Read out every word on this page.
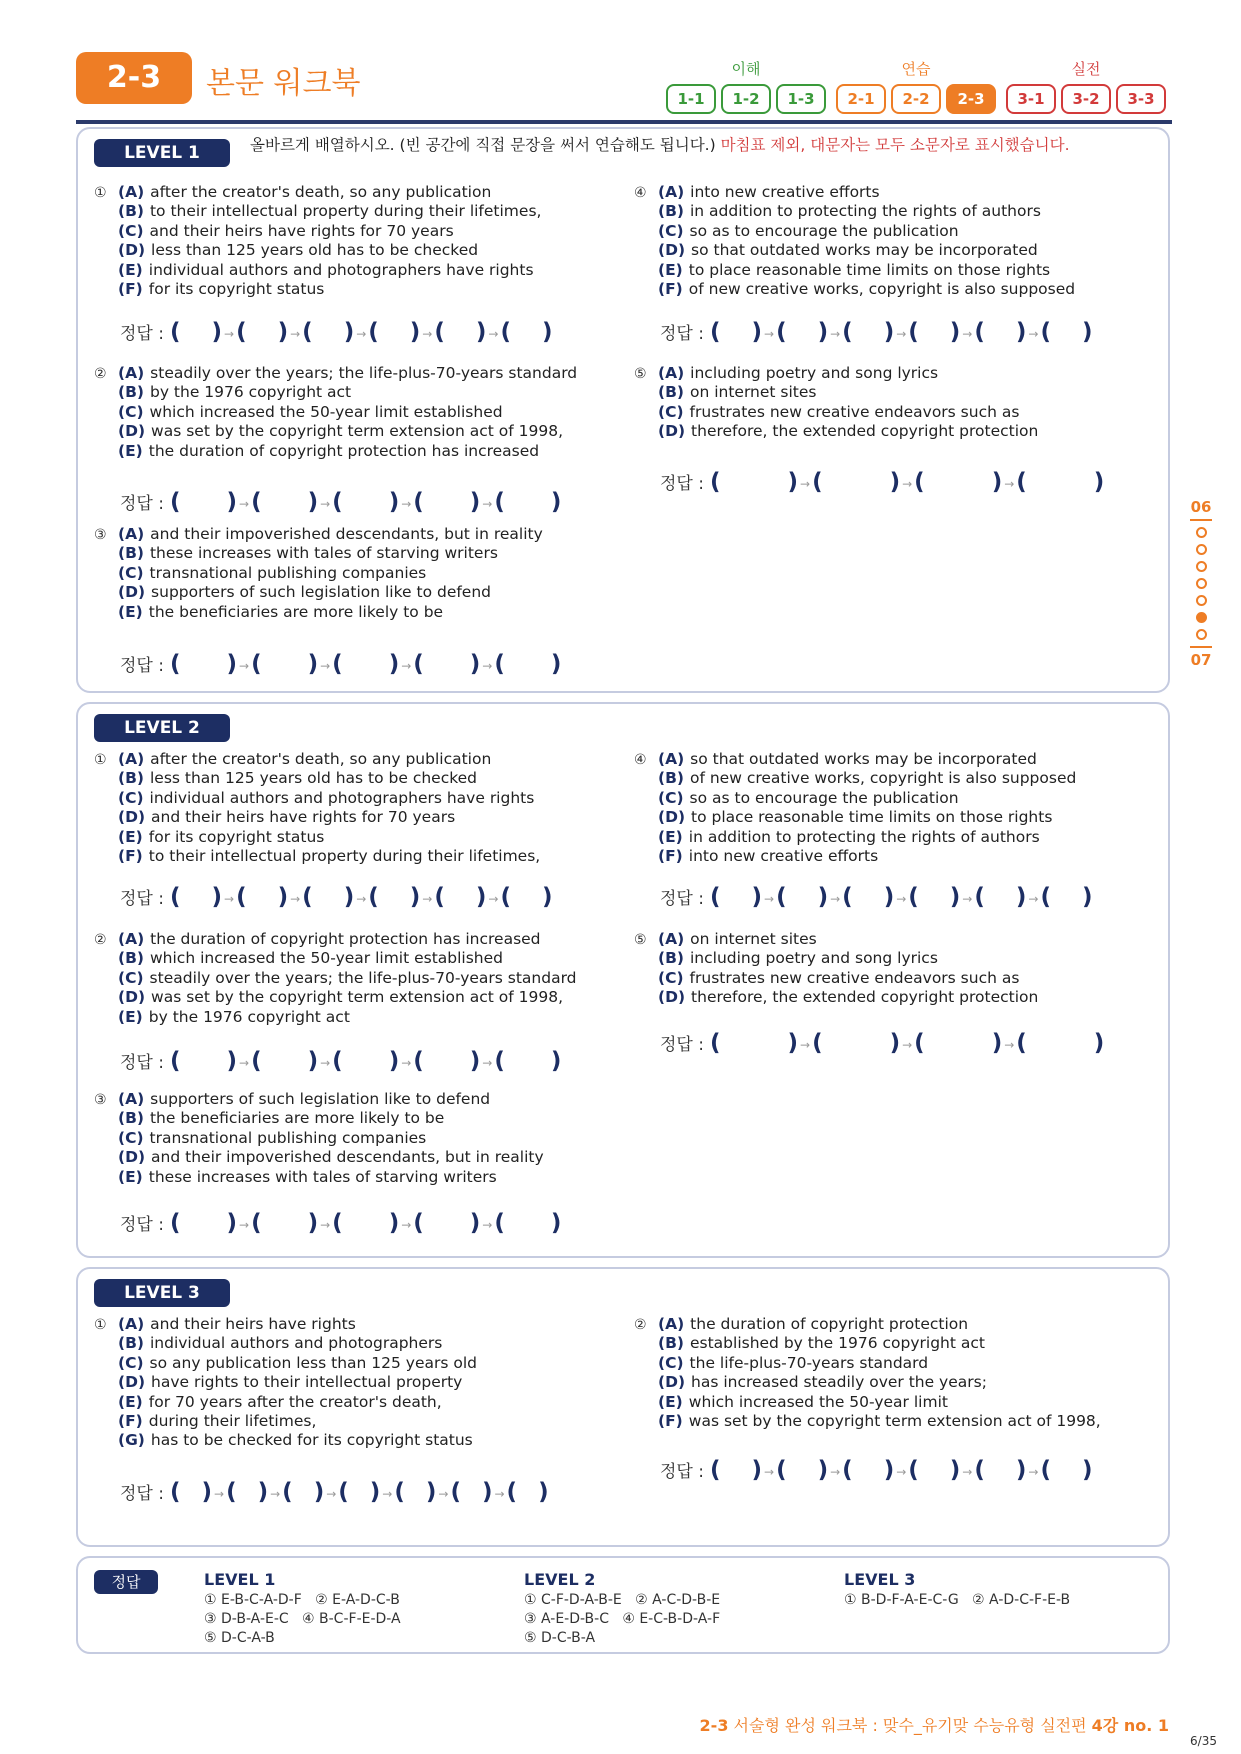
2-3	본문 워크북	이해
1-1	1-2	1-3
연습
2-1	2-2	2-3
실전
3-1	3-2	3-3
LEVEL 1	올바르게 배열하시오. (빈 공간에 직접 문장을 써서 연습해도 됩니다.) 마침표 제외, 대문자는 모두 소문자로 표시했습니다.
① (A) after the creator's death, so any publication
(B) to their intellectual property during their lifetimes,
(C) and their heirs have rights for 70 years
(D) less than 125 years old has to be checked
(E) individual authors and photographers have rights
(F) for its copyright status
정답 : ( ) →( ) →( ) →( ) →( ) →( )
② (A) steadily over the years; the life-plus-70-years standard
(B) by the 1976 copyright act
(C) which increased the 50-year limit established
(D) was set by the copyright term extension act of 1998,
(E) the duration of copyright protection has increased
정답 : ( ) →( ) →( ) →( ) →( )
③ (A) and their impoverished descendants, but in reality
(B) these increases with tales of starving writers
(C) transnational publishing companies
(D) supporters of such legislation like to defend
(E) the beneficiaries are more likely to be
정답 : ( ) →( ) →( ) →( ) →( )
④ (A) into new creative efforts
(B) in addition to protecting the rights of authors
(C) so as to encourage the publication
(D) so that outdated works may be incorporated
(E) to place reasonable time limits on those rights
(F) of new creative works, copyright is also supposed
정답 : ( ) →( ) →( ) →( ) →( ) →( )
⑤ (A) including poetry and song lyrics
(B) on internet sites
(C) frustrates new creative endeavors such as
(D) therefore, the extended copyright protection
정답 : (	) →(	) →(	) →(	)
LEVEL 2
① (A) after the creator's death, so any publication
(B) less than 125 years old has to be checked
(C) individual authors and photographers have rights
(D) and their heirs have rights for 70 years
(E) for its copyright status
(F) to their intellectual property during their lifetimes,
정답 : ( ) →( ) →( ) →( ) →( ) →( )
② (A) the duration of copyright protection has increased
(B) which increased the 50-year limit established
(C) steadily over the years; the life-plus-70-years standard
(D) was set by the copyright term extension act of 1998,
(E) by the 1976 copyright act
정답 : ( ) →( ) →( ) →( ) →( )
③ (A) supporters of such legislation like to defend
(B) the beneficiaries are more likely to be
(C) transnational publishing companies
(D) and their impoverished descendants, but in reality
(E) these increases with tales of starving writers
정답 : ( ) →( ) →( ) →( ) →( )
④ (A) so that outdated works may be incorporated
(B) of new creative works, copyright is also supposed
(C) so as to encourage the publication
(D) to place reasonable time limits on those rights
(E) in addition to protecting the rights of authors
(F) into new creative efforts
정답 : ( ) →( ) →( ) →( ) →( ) →( )
⑤ (A) on internet sites
(B) including poetry and song lyrics
(C) frustrates new creative endeavors such as
(D) therefore, the extended copyright protection
정답 : (	) →(	) →(	) →(	)
LEVEL 3
① (A) and their heirs have rights
(B) individual authors and photographers
(C) so any publication less than 125 years old
(D) have rights to their intellectual property
(E) for 70 years after the creator's death,
(F) during their lifetimes,
(G) has to be checked for its copyright status
정답 : ( ) →( ) →( ) →( ) →( ) →( ) →( )
② (A) the duration of copyright protection
(B) established by the 1976 copyright act
(C) the life-plus-70-years standard
(D) has increased steadily over the years;
(E) which increased the 50-year limit
(F) was set by the copyright term extension act of 1998,
정답 : ( ) →( ) →( ) →( ) →( ) →( )
정답	LEVEL 1
① E-B-C-A-D-F   ② E-A-D-C-B
③ D-B-A-E-C   ④ B-C-F-E-D-A
⑤ D-C-A-B
LEVEL 2
① C-F-D-A-B-E   ② A-C-D-B-E
③ A-E-D-B-C   ④ E-C-B-D-A-F
⑤ D-C-B-A
LEVEL 3
① B-D-F-A-E-C-G   ② A-D-C-F-E-B
06
07
2-3 서술형 완성 워크북 : 맞수_유기맞 수능유형 실전편 4강 no. 1
6/35
